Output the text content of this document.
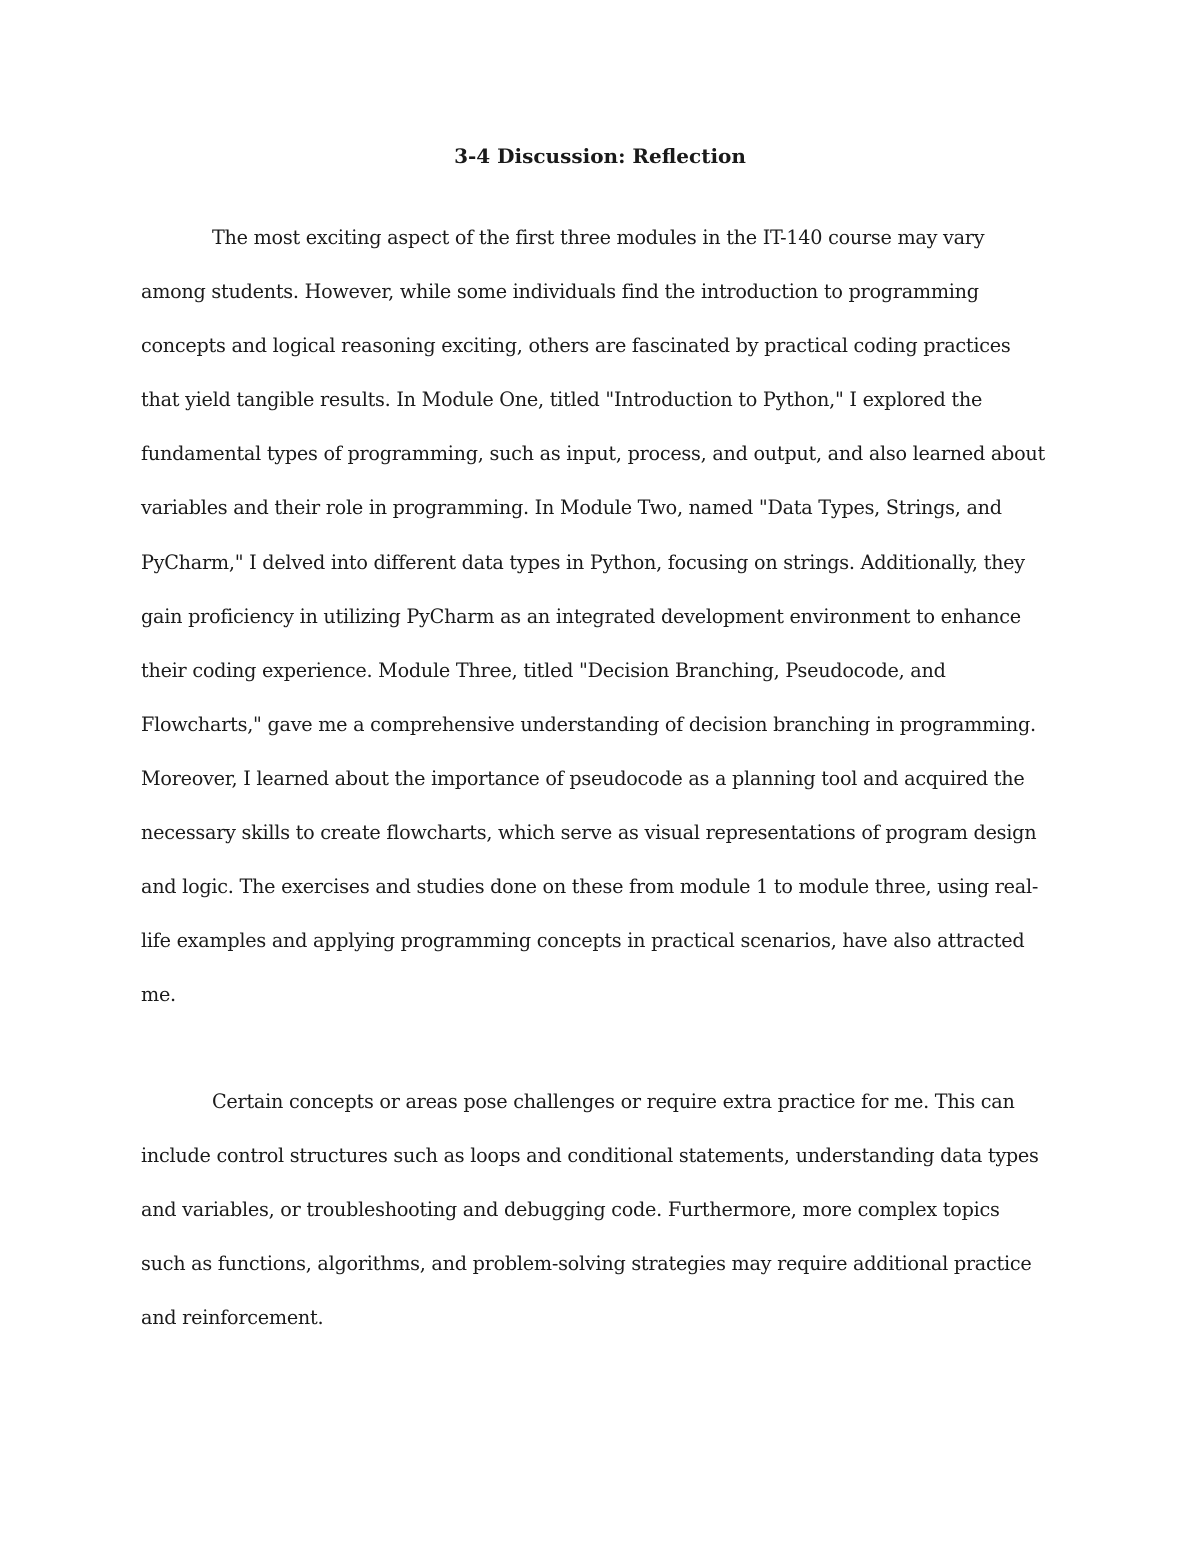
3-4 Discussion: Reflection
The most exciting aspect of the first three modules in the IT-140 course may vary
among students. However, while some individuals find the introduction to programming
concepts and logical reasoning exciting, others are fascinated by practical coding practices
that yield tangible results. In Module One, titled "Introduction to Python," I explored the
fundamental types of programming, such as input, process, and output, and also learned about
variables and their role in programming. In Module Two, named "Data Types, Strings, and
PyCharm," I delved into different data types in Python, focusing on strings. Additionally, they
gain proficiency in utilizing PyCharm as an integrated development environment to enhance
their coding experience. Module Three, titled "Decision Branching, Pseudocode, and
Flowcharts," gave me a comprehensive understanding of decision branching in programming.
Moreover, I learned about the importance of pseudocode as a planning tool and acquired the
necessary skills to create flowcharts, which serve as visual representations of program design
and logic. The exercises and studies done on these from module 1 to module three, using real-
life examples and applying programming concepts in practical scenarios, have also attracted
me.
Certain concepts or areas pose challenges or require extra practice for me. This can
include control structures such as loops and conditional statements, understanding data types
and variables, or troubleshooting and debugging code. Furthermore, more complex topics
such as functions, algorithms, and problem-solving strategies may require additional practice
and reinforcement.
